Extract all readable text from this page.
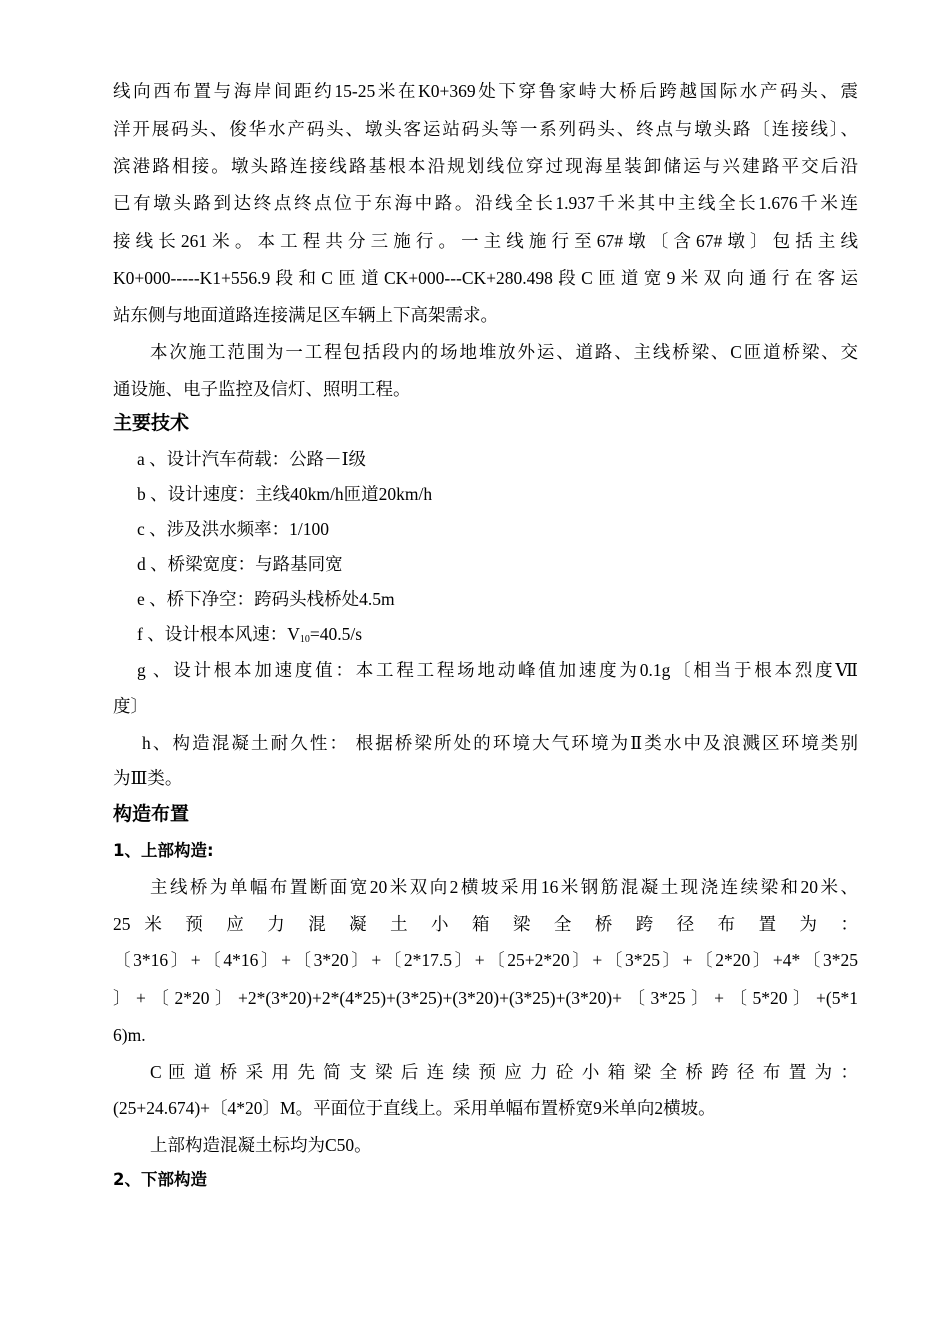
线向西布置与海岸间距约15-25米在K0+369处下穿鲁家峙大桥后跨越国际水产码头、震
洋开展码头、俊华水产码头、墩头客运站码头等一系列码头、终点与墩头路〔连接线〕、
滨港路相接。墩头路连接线路基根本沿规划线位穿过现海星装卸储运与兴建路平交后沿
已有墩头路到达终点终点位于东海中路。沿线全长1.937千米其中主线全长1.676千米连
接线长261米。本工程共分三施行。一主线施行至67#墩〔含67#墩〕包括主线
K0+000-----K1+556.9段和C匝道CK+000---CK+280.498段C匝道宽9米双向通行在客运
站东侧与地面道路连接满足区车辆上下高架需求。
本次施工范围为一工程包括段内的场地堆放外运、道路、主线桥梁、C匝道桥梁、交
通设施、电子监控及信灯、照明工程。
主要技术
a 、设计汽车荷载：公路－Ⅰ级
b 、设计速度：主线40km/h匝道20km/h
c 、涉及洪水频率：1/100
d 、桥梁宽度：与路基同宽
e 、桥下净空：跨码头栈桥处4.5m
f 、设计根本风速：$V_{10}=40.5/s$
g 、设计根本加速度值：本工程工程场地动峰值加速度为0.1g〔相当于根本烈度Ⅶ
度〕
h、构造混凝土耐久性： 根据桥梁所处的环境大气环境为Ⅱ类水中及浪溅区环境类别
为Ⅲ类。
构造布置
1、上部构造:
主线桥为单幅布置断面宽20米双向2横坡采用16米钢筋混凝土现浇连续梁和20米、
25 米 预 应 力 混 凝 土 小 箱 梁 全 桥 跨 径 布 置 为 ：
〔3*16〕+〔4*16〕+〔3*20〕+〔2*17.5〕+〔25+2*20〕+〔3*25〕+〔2*20〕+4*〔3*25
〕+〔2*20〕+2*(3*20)+2*(4*25)+(3*25)+(3*20)+(3*25)+(3*20)+〔3*25〕+〔5*20〕+(5*1
6)m.
C 匝 道 桥 采 用 先 简 支 梁 后 连 续 预 应 力 砼 小 箱 梁 全 桥 跨 径 布 置 为 ：
(25+24.674)+〔4*20〕M。平面位于直线上。采用单幅布置桥宽9米单向2横坡。
上部构造混凝土标均为C50。
2、下部构造
